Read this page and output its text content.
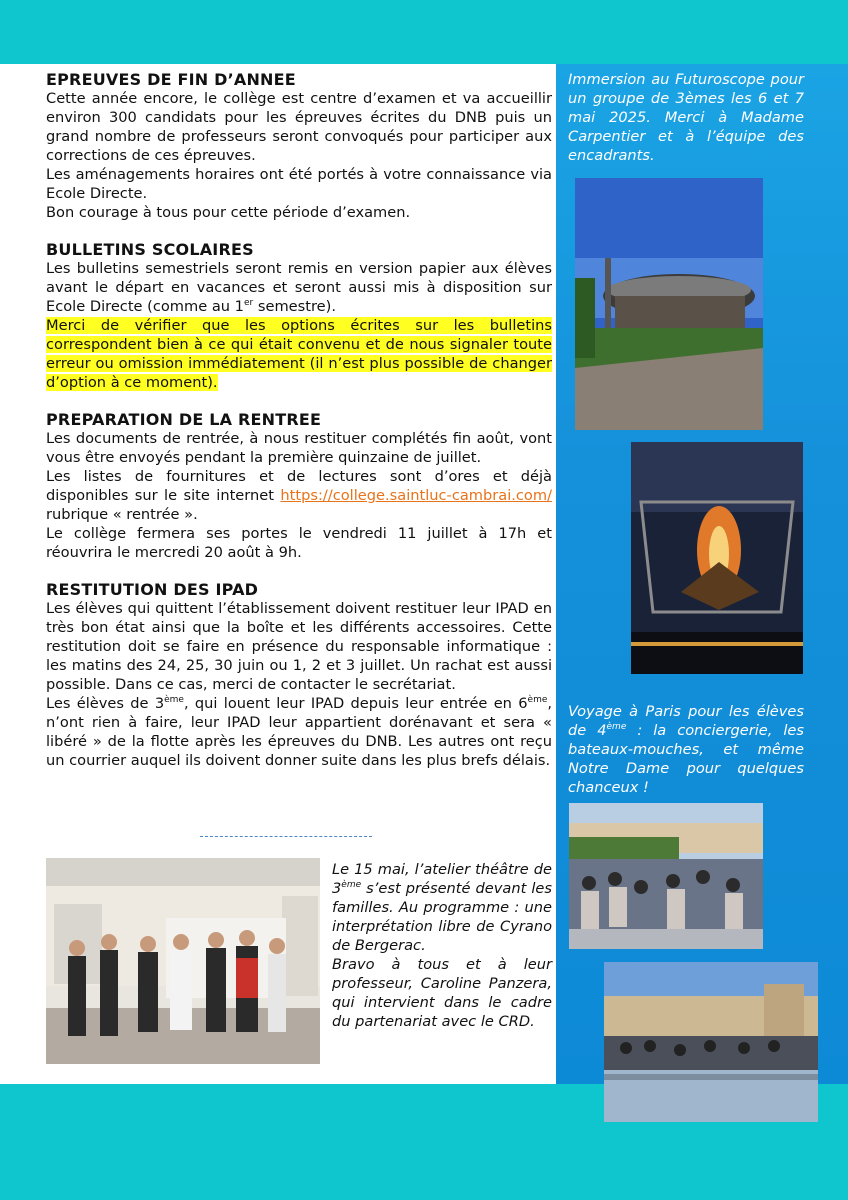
EPREUVES DE FIN D’ANNEE

Cette année encore, le collège est centre d’examen et va accueillir environ 300 candidats pour les épreuves écrites du DNB puis un grand nombre de professeurs seront convoqués pour participer aux corrections de ces épreuves.

Les aménagements horaires ont été portés à votre connaissance via Ecole Directe.

Bon courage à tous pour cette période d’examen.

BULLETINS SCOLAIRES

Les bulletins semestriels seront remis en version papier aux élèves avant le départ en vacances et seront aussi mis à disposition sur Ecole Directe (comme au 1er semestre).

Merci de vérifier que les options écrites sur les bulletins correspondent bien à ce qui était convenu et de nous signaler toute erreur ou omission immédiatement (il n’est plus possible de changer d’option à ce moment).

PREPARATION DE LA RENTREE

Les documents de rentrée, à nous restituer complétés fin août, vont vous être envoyés pendant la première quinzaine de juillet.

Les listes de fournitures et de lectures sont d’ores et déjà disponibles sur le site internet https://college.saintluc-cambrai.com/ rubrique « rentrée ».

Le collège fermera ses portes le vendredi 11 juillet à 17h et réouvrira le mercredi 20 août à 9h.

RESTITUTION DES IPAD

Les élèves qui quittent l’établissement doivent restituer leur IPAD en très bon état ainsi que la boîte et les différents accessoires. Cette restitution doit se faire en présence du responsable informatique : les matins des 24, 25, 30 juin ou 1, 2 et 3 juillet. Un rachat est aussi possible. Dans ce cas, merci de contacter le secrétariat.

Les élèves de 3ème, qui louent leur IPAD depuis leur entrée en 6ème, n’ont rien à faire, leur IPAD leur appartient dorénavant et sera « libéré » de la flotte après les épreuves du DNB. Les autres ont reçu un courrier auquel ils doivent donner suite dans les plus brefs délais.

Le 15 mai, l’atelier théâtre de 3ème s’est présenté devant les familles. Au programme : une interprétation libre de Cyrano de Bergerac.
Bravo à tous et à leur professeur, Caroline Panzera, qui intervient dans le cadre du partenariat avec le CRD.
Immersion au Futuroscope pour un groupe de 3èmes les 6 et 7 mai 2025. Merci à Madame Carpentier et à l’équipe des encadrants.
Voyage à Paris pour les élèves de 4ème : la conciergerie, les bateaux-mouches, et même Notre Dame pour quelques chanceux !
